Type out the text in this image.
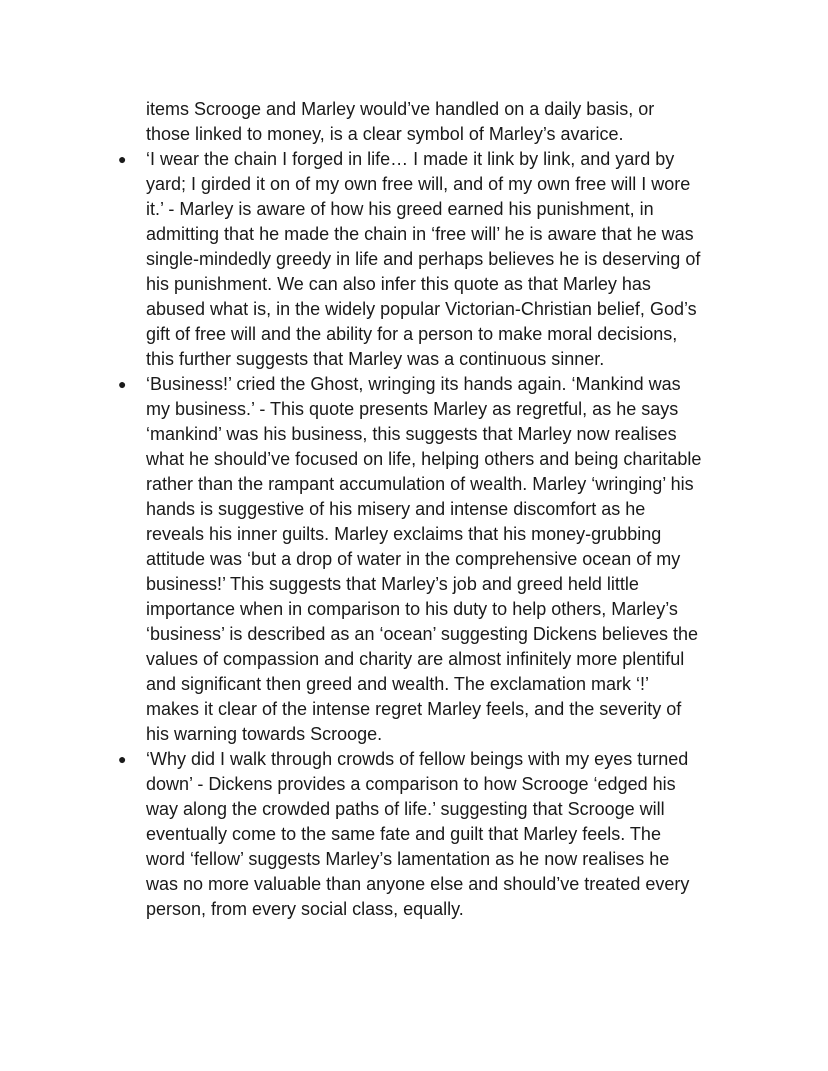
items Scrooge and Marley would’ve handled on a daily basis, or
those linked to money, is a clear symbol of Marley’s avarice.
● ‘I wear the chain I forged in life… I made it link by link, and yard by
yard; I girded it on of my own free will, and of my own free will I wore
it.’ - Marley is aware of how his greed earned his punishment, in
admitting that he made the chain in ‘free will’ he is aware that he was
single-mindedly greedy in life and perhaps believes he is deserving of
his punishment. We can also infer this quote as that Marley has
abused what is, in the widely popular Victorian-Christian belief, God’s
gift of free will and the ability for a person to make moral decisions,
this further suggests that Marley was a continuous sinner.
● ‘Business!’ cried the Ghost, wringing its hands again. ‘Mankind was
my business.’ - This quote presents Marley as regretful, as he says
‘mankind’ was his business, this suggests that Marley now realises
what he should’ve focused on life, helping others and being charitable
rather than the rampant accumulation of wealth. Marley ‘wringing’ his
hands is suggestive of his misery and intense discomfort as he
reveals his inner guilts. Marley exclaims that his money-grubbing
attitude was ‘but a drop of water in the comprehensive ocean of my
business!’ This suggests that Marley’s job and greed held little
importance when in comparison to his duty to help others, Marley’s
‘business’ is described as an ‘ocean’ suggesting Dickens believes the
values of compassion and charity are almost infinitely more plentiful
and significant then greed and wealth. The exclamation mark ‘!’
makes it clear of the intense regret Marley feels, and the severity of
his warning towards Scrooge.
● ‘Why did I walk through crowds of fellow beings with my eyes turned
down’ - Dickens provides a comparison to how Scrooge ‘edged his
way along the crowded paths of life.’ suggesting that Scrooge will
eventually come to the same fate and guilt that Marley feels. The
word ‘fellow’ suggests Marley’s lamentation as he now realises he
was no more valuable than anyone else and should’ve treated every
person, from every social class, equally.
